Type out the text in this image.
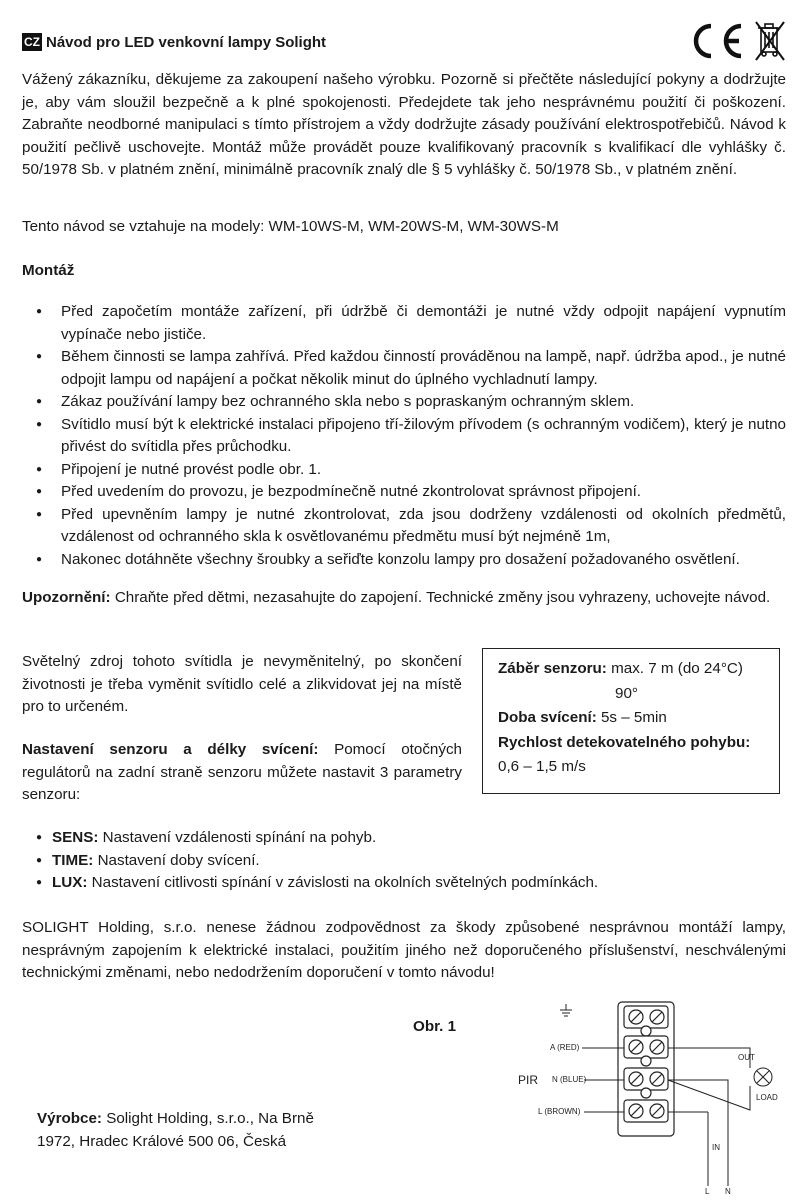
CZ Návod pro LED venkovní lampy Solight
Vážený zákazníku, děkujeme za zakoupení našeho výrobku. Pozorně si přečtěte následující pokyny a dodržujte je, aby vám sloužil bezpečně a k plné spokojenosti. Předejdete tak jeho nesprávnému použití či poškození. Zabraňte neodborné manipulaci s tímto přístrojem a vždy dodržujte zásady používání elektrospotřebičů. Návod k použití pečlivě uschovejte. Montáž může provádět pouze kvalifikovaný pracovník s kvalifikací dle vyhlášky č. 50/1978 Sb. v platném znění, minimálně pracovník znalý dle § 5 vyhlášky č. 50/1978 Sb., v platném znění.
Tento návod se vztahuje na modely: WM-10WS-M, WM-20WS-M, WM-30WS-M
Montáž
● Před započetím montáže zařízení, při údržbě či demontáži je nutné vždy odpojit napájení vypnutím vypínače nebo jističe.
● Během činnosti se lampa zahřívá. Před každou činností prováděnou na lampě, např. údržba apod., je nutné odpojit lampu od napájení a počkat několik minut do úplného vychladnutí lampy.
● Zákaz používání lampy bez ochranného skla nebo s popraskaným ochranným sklem.
● Svítidlo musí být k elektrické instalaci připojeno tří-žilovým přívodem (s ochranným vodičem), který je nutno přivést do svítidla přes průchodku.
● Připojení je nutné provést podle obr. 1.
● Před uvedením do provozu, je bezpodmínečně nutné zkontrolovat správnost připojení.
● Před upevněním lampy je nutné zkontrolovat, zda jsou dodrženy vzdálenosti od okolních předmětů, vzdálenost od ochranného skla k osvětlovanému předmětu musí být nejméně 1m,
● Nakonec dotáhněte všechny šroubky a seřiďte konzolu lampy pro dosažení požadovaného osvětlení.
Upozornění: Chraňte před dětmi, nezasahujte do zapojení. Technické změny jsou vyhrazeny, uchovejte návod.
Světelný zdroj tohoto svítidla je nevyměnitelný, po skončení životnosti je třeba vyměnit svítidlo celé a zlikvidovat jej na místě pro to určeném.
Nastavení senzoru a délky svícení: Pomocí otočných regulátorů na zadní straně senzoru můžete nastavit 3 parametry senzoru:
Záběr senzoru: max. 7 m (do 24°C)
90°
Doba svícení: 5s – 5min
Rychlost detekovatelného pohybu:
0,6 – 1,5 m/s
● SENS: Nastavení vzdálenosti spínání na pohyb.
● TIME: Nastavení doby svícení.
● LUX: Nastavení citlivosti spínání v závislosti na okolních světelných podmínkách.
SOLIGHT Holding, s.r.o. nenese žádnou zodpovědnost za škody způsobené nesprávnou montáží lampy, nesprávným zapojením k elektrické instalaci, použitím jiného než doporučeného příslušenství, neschválenými technickými změnami, nebo nedodržením doporučení v tomto návodu!
Obr. 1
Výrobce: Solight Holding, s.r.o., Na Brně 1972, Hradec Králové 500 06, Česká
A (RED)
N (BLUE)
L (BROWN)
PIR
OUT
LOAD
IN
L N
